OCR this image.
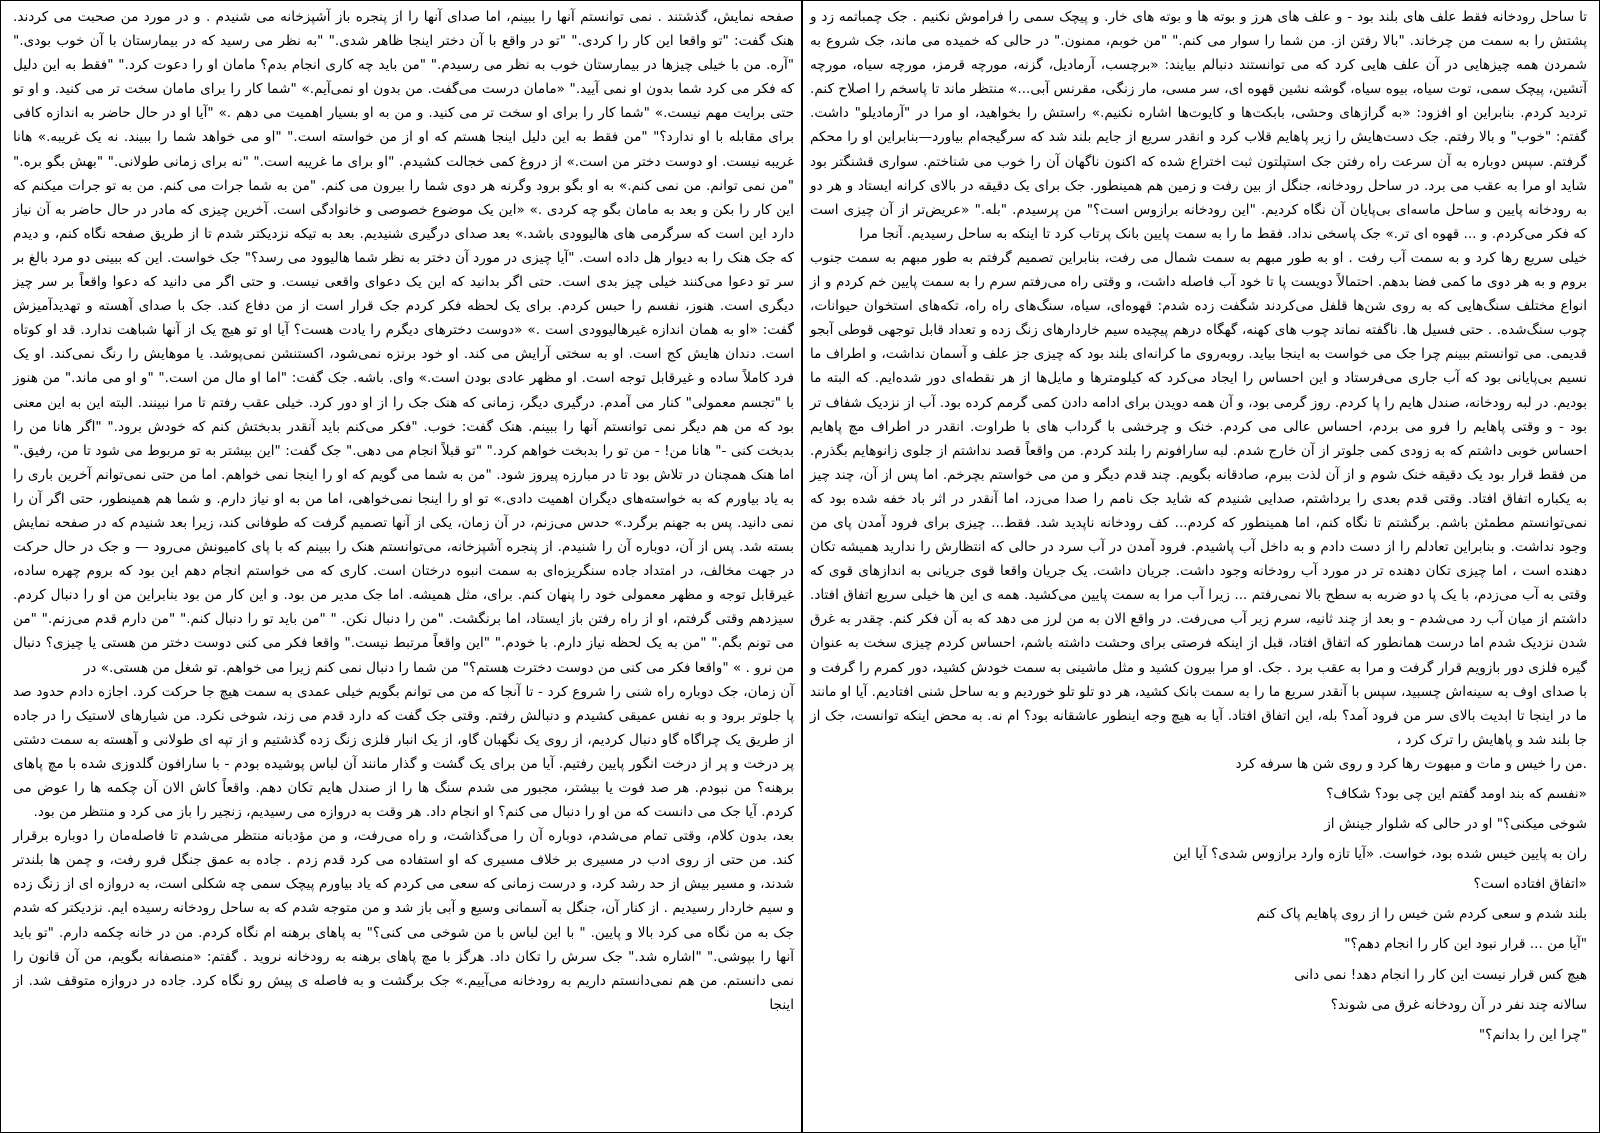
تا ساحل رودخانه فقط علف های بلند بود - و علف های هرز و بوته ها و بوته های خار. و پیچک سمی را فراموش نکنیم . جک چمباتمه زد و پشتش را به سمت من چرخاند. "بالا رفتن از. من شما را سوار می کنم." "من خوبم، ممنون." در حالی که خمیده می ماند، جک شروع به شمردن همه چیزهایی در آن علف هایی کرد که می توانستند دنبالم بیایند: «برچسب، آرمادیل، گزنه، مورچه قرمز، مورچه سیاه، مورچه آتشین، پیچک سمی، توت سیاه، بیوه سیاه، گوشه نشین قهوه ای، سر مسی، مار زنگی، مقرنس آبی...» منتظر ماند تا پاسخم را اصلاح کنم. تردید کردم. بنابراین او افزود: «به گرازهای وحشی، بابکت‌ها و کایوت‌ها اشاره نکنیم.» راستش را بخواهید، او مرا در "آرمادیلو" داشت. گفتم: "خوب" و بالا رفتم. جک دست‌هایش را زیر پاهایم قلاب کرد و انقدر سریع از جایم بلند شد که سرگیجه‌ام بیاورد—بنابراین او را محکم گرفتم. سپس دوباره به آن سرعت راه رفتن جک استپلتون ثبت اختراع شده که اکنون ناگهان آن را خوب می شناختم. سواری قشنگتر بود شاید او مرا به عقب می برد. در ساحل رودخانه، جنگل از بین رفت و زمین هم همینطور. جک برای یک دقیقه در بالای کرانه ایستاد و هر دو به رودخانه پایین و ساحل ماسه‌ای بی‌پایان آن نگاه کردیم. "این رودخانه برازوس است؟" من پرسیدم. "بله." «عریض‌تر از آن چیزی است که فکر می‌کردم. و ... قهوه ای تر.» جک پاسخی نداد. فقط ما را به سمت پایین بانک پرتاب کرد تا اینکه به ساحل رسیدیم. آنجا مرا

خیلی سریع رها کرد و به سمت آب رفت . او به طور مبهم به سمت شمال می رفت، بنابراین تصمیم گرفتم به طور مبهم به سمت جنوب بروم و به هر دوی ما کمی فضا بدهم. احتمالاً دویست پا تا خود آب فاصله داشت، و وقتی راه می‌رفتم سرم را به سمت پایین خم کردم و از انواع مختلف سنگ‌هایی که به روی شن‌ها قلفل می‌کردند شگفت زده شدم: قهوه‌ای، سیاه، سنگ‌های راه راه، تکه‌های استخوان حیوانات، چوب سنگ‌شده. . حتی فسیل ها. ناگفته نماند چوب های کهنه، گهگاه درهم پیچیده سیم خاردارهای زنگ زده و تعداد قابل توجهی قوطی آبجو قدیمی. می توانستم ببینم چرا جک می خواست به اینجا بیاید. روبه‌روی ما کرانه‌ای بلند بود که چیزی جز علف و آسمان نداشت، و اطراف ما نسیم بی‌پایانی بود که آب جاری می‌فرستاد و این احساس را ایجاد می‌کرد که کیلومترها و مایل‌ها از هر نقطه‌ای دور شده‌ایم. که البته ما بودیم. در لبه رودخانه، صندل هایم را پا کردم. روز گرمی بود، و آن همه دویدن برای ادامه دادن کمی گرمم کرده بود. آب از نزدیک شفاف تر بود - و وقتی پاهایم را فرو می بردم، احساس عالی می کردم. خنک و چرخشی با گرداب های با طراوت. انقدر در اطراف مچ پاهایم احساس خوبی داشتم که به زودی کمی جلوتر از آن خارج شدم. لبه سارافونم را بلند کردم. من واقعاً قصد نداشتم از جلوی زانوهایم بگذرم. من فقط قرار بود یک دقیقه خنک شوم و از آن لذت ببرم، صادقانه بگویم. چند قدم دیگر و من می خواستم بچرخم. اما پس از آن، چند چیز به یکباره اتفاق افتاد. وقتی قدم بعدی را برداشتم، صدایی شنیدم که شاید جک نامم را صدا می‌زد، اما آنقدر در اثر باد خفه شده بود که نمی‌توانستم مطمئن باشم. برگشتم تا نگاه کنم، اما همینطور که کردم... کف رودخانه ناپدید شد. فقط... چیزی برای فرود آمدن پای من وجود نداشت. و بنابراین تعادلم را از دست دادم و به داخل آب پاشیدم. فرود آمدن در آب سرد در حالی که انتظارش را ندارید همیشه تکان دهنده است ، اما چیزی تکان دهنده تر در مورد آب رودخانه وجود داشت. جریان داشت. یک جریان واقعا قوی جریانی به اندازهای قوی که وقتی به آب می‌زدم، با یک پا دو ضربه به سطح بالا نمی‌رفتم ... زیرا آب مرا به سمت پایین می‌کشید. همه ی این ها خیلی سریع اتفاق افتاد. داشتم از میان آب رد می‌شدم - و بعد از چند ثانیه، سرم زیر آب می‌رفت. در واقع الان به من لرز می دهد که به آن فکر کنم. چقدر به غرق شدن نزدیک شدم اما درست همانطور که اتفاق افتاد، قبل از اینکه فرصتی برای وحشت داشته باشم، احساس کردم چیزی سخت به عنوان گیره فلزی دور بازویم قرار گرفت و مرا به عقب برد . جک. او مرا بیرون کشید و مثل ماشینی به سمت خودش کشید، دور کمرم را گرفت و با صدای اوف به سینه‌اش چسبید، سپس با آنقدر سریع ما را به سمت بانک کشید، هر دو تلو تلو خوردیم و به ساحل شنی افتادیم. آیا او مانند ما در اینجا تا ابدیت بالای سر من فرود آمد؟ بله، این اتفاق افتاد. آیا به هیچ وجه اینطور عاشقانه بود؟ ام نه. به محض اینکه توانست، جک از جا بلند شد و پاهایش را ترک کرد ،

.من را خیس و مات و مبهوت رها کرد و روی شن ها سرفه کرد

«نفسم که بند اومد گفتم این چی بود؟ شکاف؟

شوخی میکنی؟" او در حالی که شلوار جینش از

ران به پایین خیس شده بود، خواست. «آیا تازه وارد برازوس شدی؟ آیا این

«اتفاق افتاده است؟

بلند شدم و سعی کردم شن خیس را از روی پاهایم پاک کنم

"آیا من ... قرار نبود این کار را انجام دهم؟"

هیچ کس قرار نیست این کار را انجام دهد! نمی دانی

سالانه چند نفر در آن رودخانه غرق می شوند؟

"چرا این را بدانم؟"

صفحه نمایش، گذشتند . نمی توانستم آنها را ببینم، اما صدای آنها را از پنجره باز آشپزخانه می شنیدم . و در مورد من صحبت می کردند. هنک گفت: "تو واقعا این کار را کردی." "تو در واقع با آن دختر اینجا ظاهر شدی." "به نظر می رسید که در بیمارستان با آن خوب بودی." "آره. من با خیلی چیزها در بیمارستان خوب به نظر می رسیدم." "من باید چه کاری انجام بدم؟ مامان او را دعوت کرد." "فقط به این دلیل که فکر می کرد شما بدون او نمی آیید." «مامان درست می‌گفت. من بدون او نمی‌آیم.» "شما کار را برای مامان سخت تر می کنید. و او تو حتی برایت مهم نیست.» "شما کار را برای او سخت تر می کنید. و من به او بسیار اهمیت می دهم .» "آیا او در حال حاضر به اندازه کافی برای مقابله با او ندارد؟" "من فقط به این دلیل اینجا هستم که او از من خواسته است." "او می خواهد شما را ببیند. نه یک غریبه.» هانا غریبه نیست. او دوست دختر من است.» از دروغ کمی خجالت کشیدم. "او برای ما غریبه است." "نه برای زمانی طولانی." "بهش بگو بره." "من نمی توانم. من نمی کنم.» به او بگو برود وگرنه هر دوی شما را بیرون می کنم. "من به شما جرات می کنم. من به تو جرات میکنم که این کار را بکن و بعد به مامان بگو چه کردی .» «این یک موضوع خصوصی و خانوادگی است. آخرین چیزی که مادر در حال حاضر به آن نیاز دارد این است که سرگرمی های هالیوودی باشد.» بعد صدای درگیری شنیدیم. بعد به تیکه نزدیکتر شدم تا از طریق صفحه نگاه کنم، و دیدم که جک هنک را به دیوار هل داده است. "آیا چیزی در مورد آن دختر به نظر شما هالیوود می رسد؟" جک خواست. این که ببینی دو مرد بالغ بر سر تو دعوا می‌کنند خیلی چیز بدی است. حتی اگر بدانید که این یک دعوای واقعی نیست. و حتی اگر می دانید که دعوا واقعاً بر سر چیز دیگری است. هنوز، نفسم را حبس کردم. برای یک لحظه فکر کردم جک قرار است از من دفاع کند. جک با صدای آهسته و تهدیدآمیزش گفت: «او به همان اندازه غیرهالیوودی است .» «دوست دخترهای دیگرم را یادت هست؟ آیا او تو هیچ یک از آنها شباهت ندارد. قد او کوتاه است. دندان هایش کج است. او به سختی آرایش می کند. او خود برنزه نمی‌شود، اکستنشن نمی‌پوشد. یا موهایش را رنگ نمی‌کند. او یک فرد کاملاً ساده و غیرقابل توجه است. او مظهر عادی بودن است.» وای. باشه. جک گفت: "اما او مال من است." "و او می ماند." من هنوز با "تجسم معمولی" کنار می آمدم. درگیری دیگر، زمانی که هنک جک را از او دور کرد. خیلی عقب رفتم تا مرا نبینند. البته این به این معنی بود که من هم دیگر نمی توانستم آنها را ببینم. هنک گفت: خوب. "فکر می‌کنم باید آنقدر بدبختش کنم که خودش برود." "اگر هانا من را بدبخت کنی -" هانا من! - من تو را بدبخت خواهم کرد." "تو قبلاً انجام می دهی." جک گفت: "این بیشتر به تو مربوط می شود تا من، رفیق." اما هنک همچنان در تلاش بود تا در مبارزه پیروز شود. "من به شما می گویم که او را اینجا نمی خواهم. اما من حتی نمی‌توانم آخرین باری را به یاد بیاورم که به خواسته‌های دیگران اهمیت دادی.» تو او را اینجا نمی‌خواهی، اما من به او نیاز دارم. و شما هم همینطور، حتی اگر آن را نمی دانید. پس به جهنم برگرد.» حدس می‌زنم، در آن زمان، یکی از آنها تصمیم گرفت که طوفانی کند، زیرا بعد شنیدم که در صفحه نمایش بسته شد. پس از آن، دوباره آن را شنیدم. از پنجره آشپزخانه، می‌توانستم هنک را ببینم که با پای کامیونش می‌رود — و جک در حال حرکت در جهت مخالف، در امتداد جاده سنگریزه‌ای به سمت انبوه درختان است. کاری که می خواستم انجام دهم این بود که بروم چهره ساده، غیرقابل توجه و مظهر معمولی خود را پنهان کنم. برای، مثل همیشه. اما جک مدیر من بود. و این کار من بود بنابراین من او را دنبال کردم. سیزدهم وقتی گرفتم، او از راه رفتن باز ایستاد، اما برنگشت. "من را دنبال نکن. " "من باید تو را دنبال کنم." "من دارم قدم می‌زنم." "من می تونم بگم." "من به یک لحظه نیاز دارم. با خودم." "این واقعاً مرتبط نیست." واقعا فکر می کنی دوست دختر من هستی یا چیزی؟ دنبال من نرو . » "واقعا فکر می کنی من دوست دخترت هستم؟" من شما را دنبال نمی کنم زیرا می خواهم. تو شغل من هستی.» در

آن زمان، جک دوباره راه شنی را شروع کرد - تا آنجا که من می توانم بگویم خیلی عمدی به سمت هیچ جا حرکت کرد. اجازه دادم حدود صد پا جلوتر برود و به نفس عمیقی کشیدم و دنبالش رفتم. وقتی جک گفت که دارد قدم می زند، شوخی نکرد. من شیارهای لاستیک را در جاده از طریق یک چراگاه گاو دنبال کردیم، از روی یک نگهبان گاو، از یک انبار فلزی زنگ زده گذشتیم و از تپه ای طولانی و آهسته به سمت دشتی پر درخت و پر از درخت انگور پایین رفتیم. آیا من برای یک گشت و گذار مانند آن لباس پوشیده بودم - با سارافون گلدوزی شده با مچ پاهای برهنه؟ من نبودم. هر صد فوت یا بیشتر، مجبور می شدم سنگ ها را از صندل هایم تکان دهم. واقعاً کاش الان آن چکمه ها را عوض می کردم. آیا جک می دانست که من او را دنبال می کنم؟ او انجام داد. هر وقت به دروازه می رسیدیم، زنجیر را باز می کرد و منتظر من بود.

بعد، بدون کلام، وقتی تمام می‌شدم، دوباره آن را می‌گذاشت، و راه می‌رفت، و من مؤدبانه منتظر می‌شدم تا فاصله‌مان را دوباره برقرار کند. من حتی از روی ادب در مسیری بر خلاف مسیری که او استفاده می کرد قدم زدم . جاده به عمق جنگل فرو رفت، و چمن ها بلندتر شدند، و مسیر بیش از حد رشد کرد، و درست زمانی که سعی می کردم که یاد بیاورم پیچک سمی چه شکلی است، به دروازه ای از زنگ زده و سیم خاردار رسیدیم . از کنار آن، جنگل به آسمانی وسیع و آبی باز شد و من متوجه شدم که به ساحل رودخانه رسیده ایم. نزدیکتر که شدم جک به من نگاه می کرد بالا و پایین. " با این لباس با من شوخی می کنی؟" به پاهای برهنه ام نگاه کردم. من در خانه چکمه دارم. "تو باید آنها را بپوشی." "اشاره شد." جک سرش را تکان داد. هرگز با مچ پاهای برهنه به رودخانه نروید . گفتم: «منصفانه بگویم، من آن قانون را نمی دانستم. من هم نمی‌دانستم داریم به رودخانه می‌آییم.» جک برگشت و به فاصله ی پیش رو نگاه کرد. جاده در دروازه متوقف شد. از اینجا
